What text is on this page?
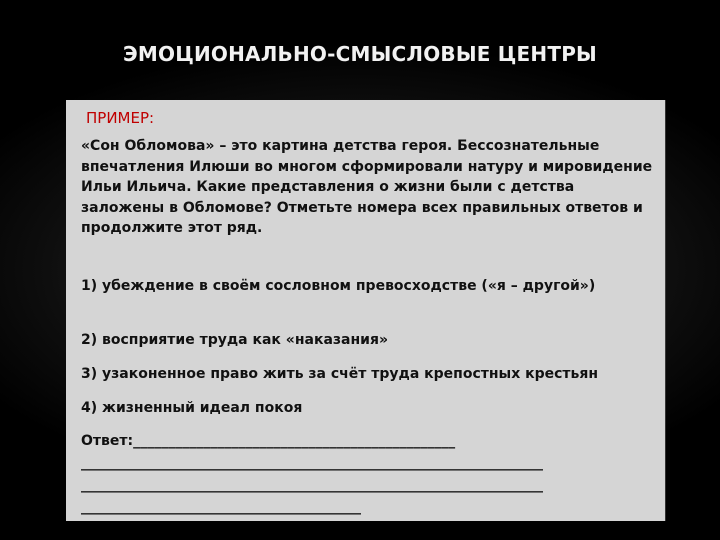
ЭМОЦИОНАЛЬНО-СМЫСЛОВЫЕ ЦЕНТРЫ
ПРИМЕР:
«Сон Обломова» – это картина детства героя. Бессознательные впечатления Илюши во многом сформировали натуру и мировидение Ильи Ильича. Какие представления о жизни были с детства заложены в Обломове? Отметьте номера всех правильных ответов и продолжите этот ряд.
1) убеждение в своём сословном превосходстве («я – другой»)
2) восприятие труда как «наказания»
3) узаконенное право жить за счёт труда крепостных крестьян
4) жизненный идеал покоя
Ответ:______________________________________________
__________________________________________________________________
__________________________________________________________________
________________________________________
